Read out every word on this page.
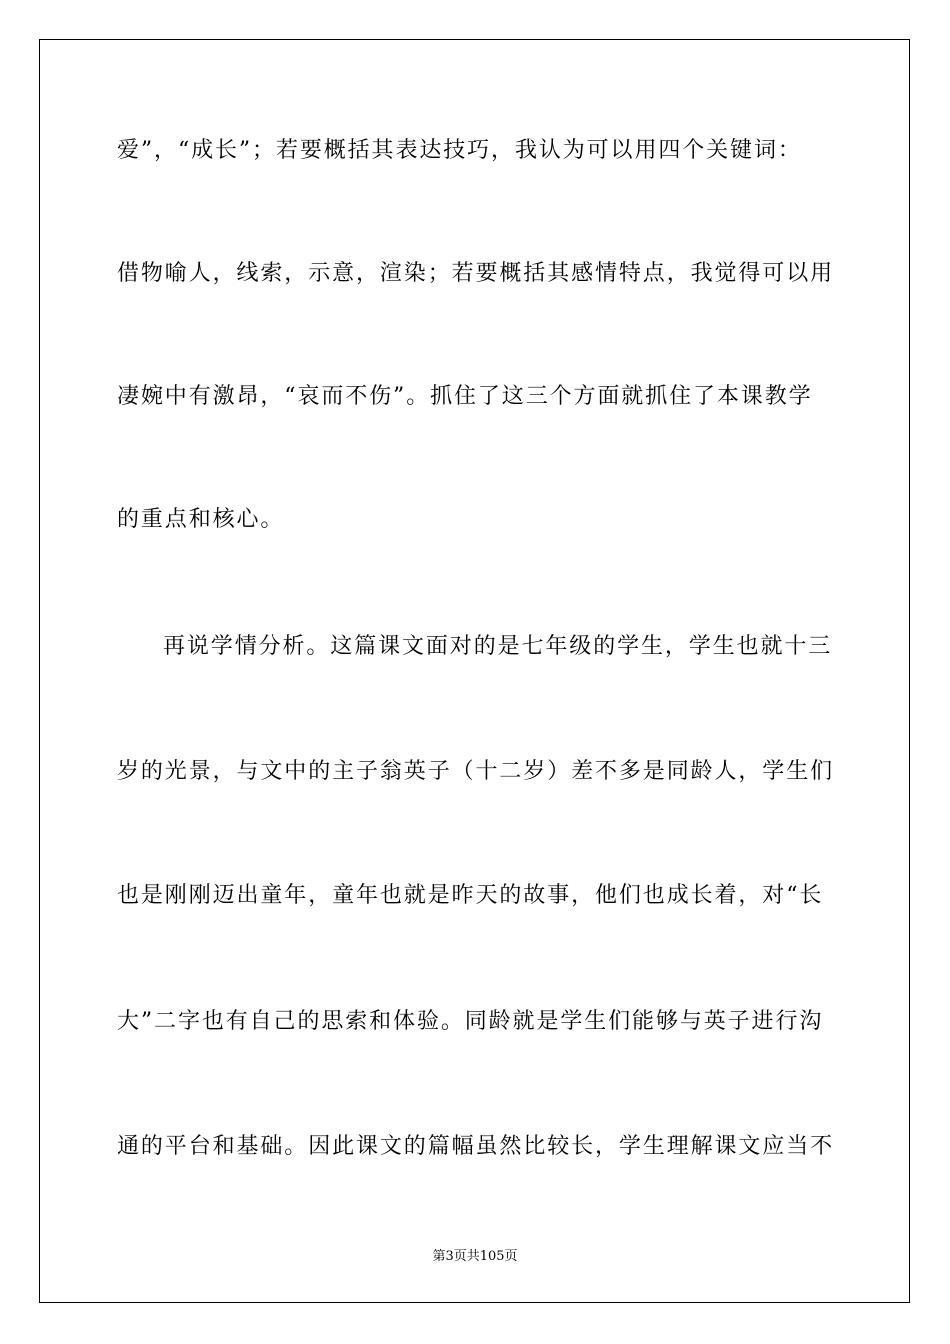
爱”，“成长”；若要概括其表达技巧，我认为可以用四个关键词：
借物喻人，线索，示意，渲染；若要概括其感情特点，我觉得可以用
凄婉中有激昂，“哀而不伤”。抓住了这三个方面就抓住了本课教学
的重点和核心。
再说学情分析。这篇课文面对的是七年级的学生，学生也就十三
岁的光景，与文中的主子翁英子（十二岁）差不多是同龄人，学生们
也是刚刚迈出童年，童年也就是昨天的故事，他们也成长着，对“长
大”二字也有自己的思索和体验。同龄就是学生们能够与英子进行沟
通的平台和基础。因此课文的篇幅虽然比较长，学生理解课文应当不
第3页共105页
